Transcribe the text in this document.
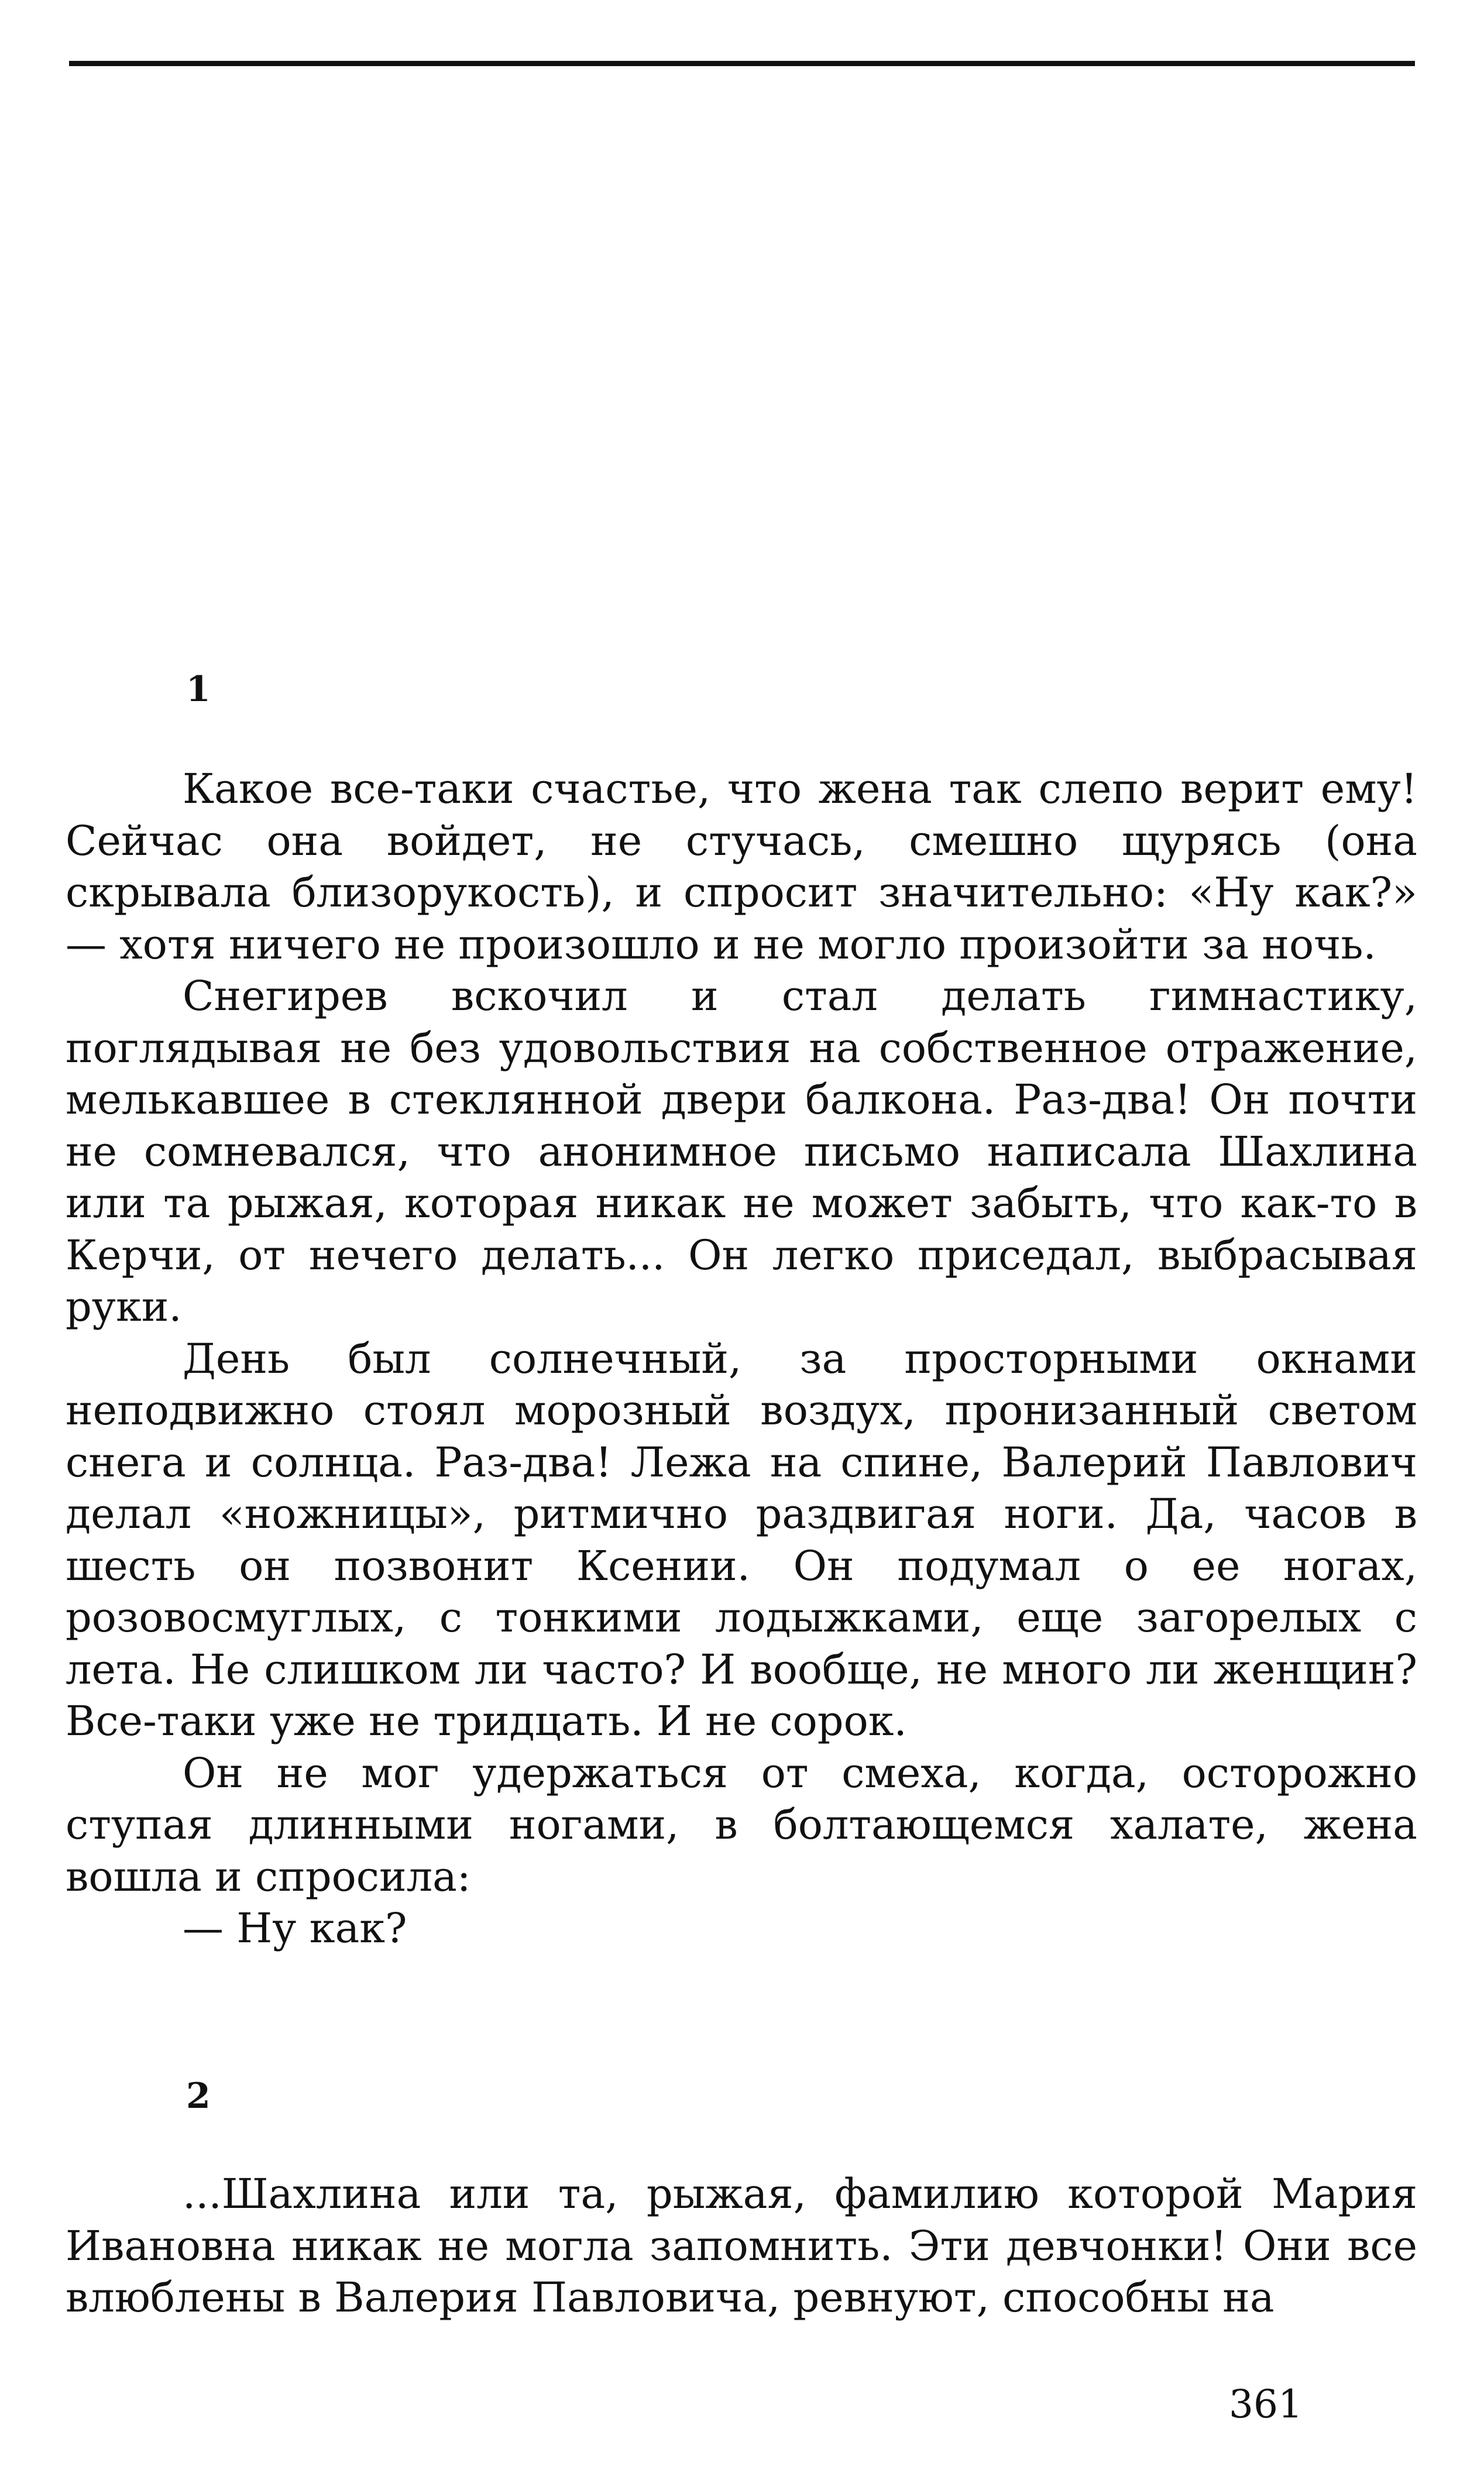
1

Какое все-таки счастье, что жена так слепо верит ему! Сейчас она войдет, не стучась, смешно щурясь (она скрывала близорукость), и спросит значительно: «Ну как?» — хотя ничего не произошло и не могло произойти за ночь.

Снегирев вскочил и стал делать гимнастику, поглядывая не без удовольствия на собственное отражение, мелькавшее в стеклянной двери балкона. Раз-два! Он почти не сомневался, что анонимное письмо написала Шахлина или та рыжая, которая никак не может забыть, что как-то в Керчи, от нечего делать... Он легко приседал, выбрасывая руки.

День был солнечный, за просторными окнами неподвижно стоял морозный воздух, пронизанный светом снега и солнца. Раз-два! Лежа на спине, Валерий Павлович делал «ножницы», ритмично раздвигая ноги. Да, часов в шесть он позвонит Ксении. Он подумал о ее ногах, розовосмуглых, с тонкими лодыжками, еще загорелых с лета. Не слишком ли часто? И вообще, не много ли женщин? Все-таки уже не тридцать. И не сорок.

Он не мог удержаться от смеха, когда, осторожно ступая длинными ногами, в болтающемся халате, жена вошла и спросила:

— Ну как?

2

...Шахлина или та, рыжая, фамилию которой Мария Ивановна никак не могла запомнить. Эти девчонки! Они все влюблены в Валерия Павловича, ревнуют, способны на

361
